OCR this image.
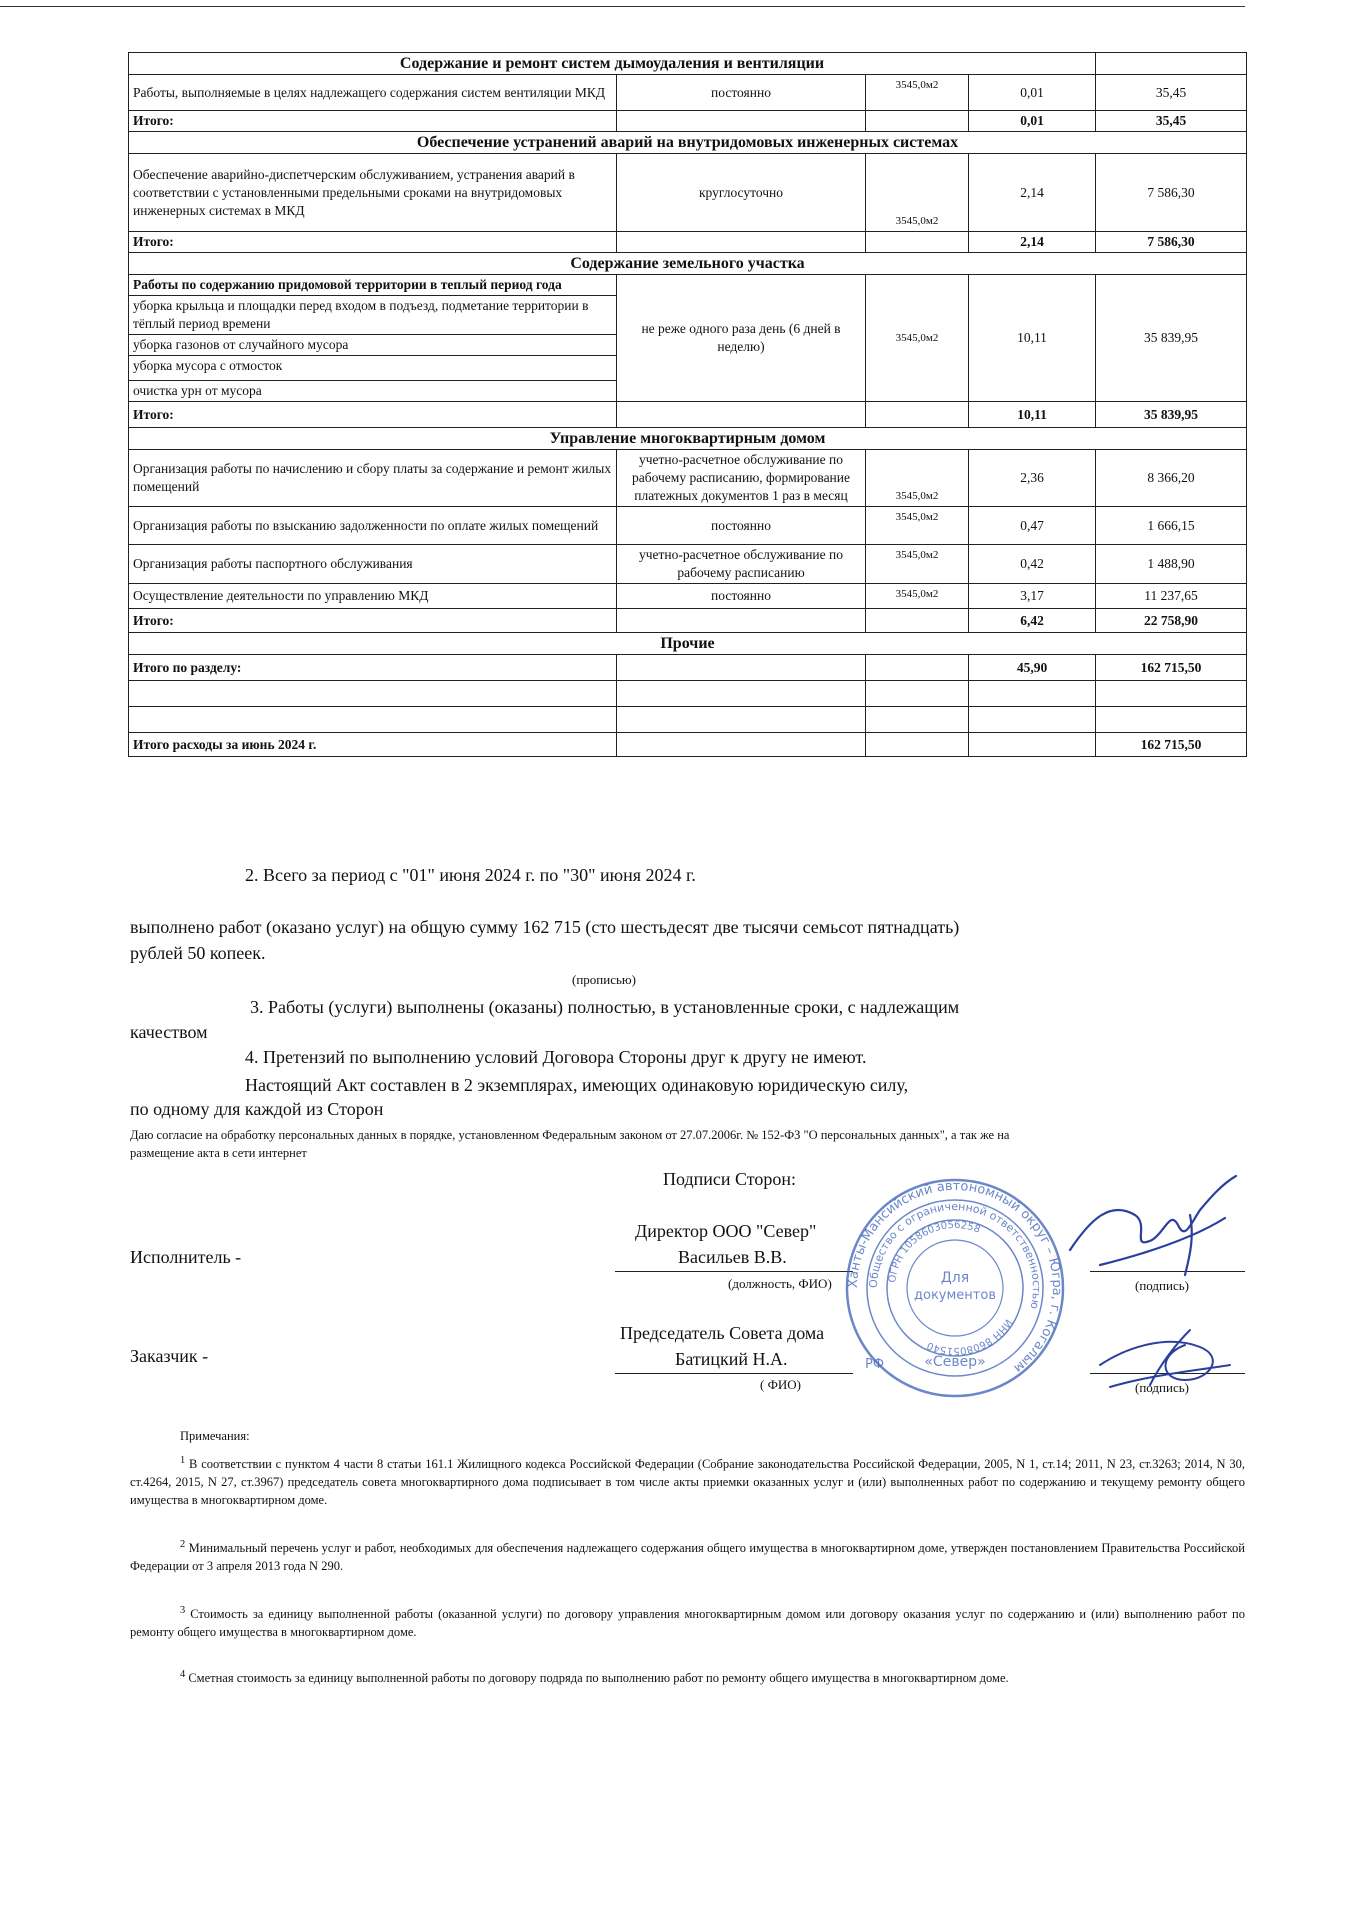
Содержание и ремонт систем дымоудаления и вентиляции				
Работы, выполняемые в целях надлежащего содержания систем вентиляции МКД	постоянно	3545,0м2	0,01	35,45
Итого:			0,01	35,45
Обеспечение устранений аварий на внутридомовых инженерных системах				
Обеспечение аварийно-диспетчерским обслуживанием, устранения аварий в соответствии с установленными предельными сроками на внутридомовых инженерных системах в МКД	круглосуточно	3545,0м2	2,14	7 586,30
Итого:			2,14	7 586,30
Содержание земельного участка				

Работы по содержанию придомовой территории в теплый период года
уборка крыльца и площадки перед входом в подъезд, подметание территории в тёплый период времени
уборка газонов от случайного мусора
уборка мусора с отмосток
очистка урн от мусора	не реже одного раза день (6 дней в неделю)	3545,0м2	10,11	35 839,95
Итого:			10,11	35 839,95
Управление многоквартирным домом				
Организация работы по начислению и сбору платы за содержание и ремонт жилых помещений	учетно-расчетное обслуживание по рабочему расписанию, формирование платежных документов 1 раз в месяц	3545,0м2	2,36	8 366,20
Организация работы по взысканию задолженности по оплате жилых помещений	постоянно	3545,0м2	0,47	1 666,15
Организация работы паспортного обслуживания	учетно-расчетное обслуживание по рабочему расписанию	3545,0м2	0,42	1 488,90
Осуществление деятельности по управлению МКД	постоянно	3545,0м2	3,17	11 237,65
Итого:			6,42	22 758,90
Прочие				
Итого по разделу:			45,90	162 715,50

Итого расходы за июнь 2024 г.				162 715,50
2. Всего за период с "01" июня 2024 г. по "30" июня 2024 г.
выполнено работ (оказано услуг) на общую сумму 162 715 (сто шестьдесят две тысячи семьсот пятнадцать)
рублей 50 копеек.
(прописью)
3. Работы (услуги) выполнены (оказаны) полностью, в установленные сроки, с надлежащим
качеством
4. Претензий по выполнению условий Договора Стороны друг к другу не имеют.
Настоящий Акт составлен в 2 экземплярах, имеющих одинаковую юридическую силу,
по одному для каждой из Сторон
Даю согласие на обработку персональных данных в порядке, установленном Федеральным законом от 27.07.2006г. № 152-ФЗ "О персональных данных", а так же на
размещение акта в сети интернет
Подписи Сторон:
Исполнитель -
Директор ООО "Север"
Васильев В.В.
(должность, ФИО)	(подпись)
Заказчик -
Председатель Совета дома
Батицкий Н.А.
( ФИО)	(подпись)
Ханты-Мансийский автономный округ – Югра, г. Когалым
Общество с ограниченной ответственностью
ОГРН 1058603056258
ИНН 8608051540
Для
документов
«Север»
РФ
Примечания:
$^1$ В соответствии с пунктом 4 части 8 статьи 161.1 Жилищного кодекса Российской Федерации (Собрание законодательства Российской Федерации, 2005, N 1, ст.14; 2011, N 23, ст.3263; 2014, N 30, ст.4264, 2015, N 27, ст.3967) председатель совета многоквартирного дома подписывает в том числе акты приемки оказанных услуг и (или) выполненных работ по содержанию и текущему ремонту общего имущества в многоквартирном доме.
$^2$ Минимальный перечень услуг и работ, необходимых для обеспечения надлежащего содержания общего имущества в многоквартирном доме, утвержден постановлением Правительства Российской Федерации от 3 апреля 2013 года N 290.
$^3$ Стоимость за единицу выполненной работы (оказанной услуги) по договору управления многоквартирным домом или договору оказания услуг по содержанию и (или) выполнению работ по ремонту общего имущества в многоквартирном доме.
$^4$ Сметная стоимость за единицу выполненной работы по договору подряда по выполнению работ по ремонту общего имущества в многоквартирном доме.
